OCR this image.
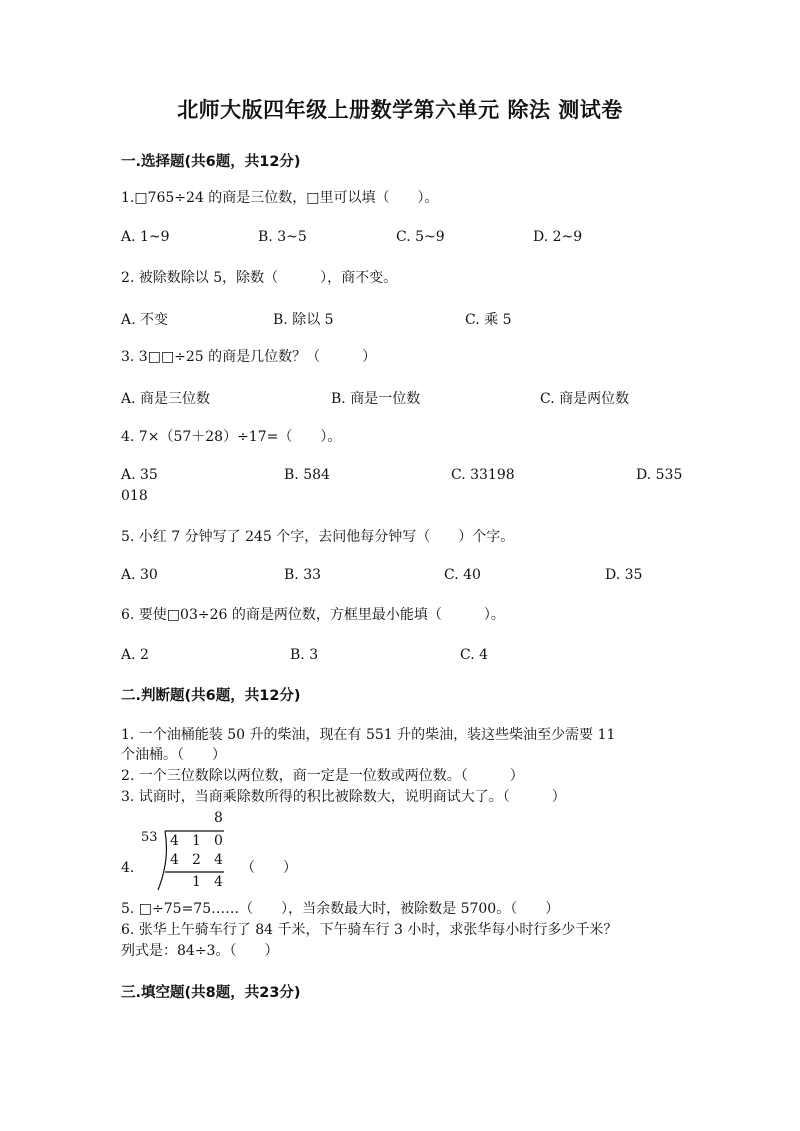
北师大版四年级上册数学第六单元 除法 测试卷
一.选择题(共6题，共12分)
1.□765÷24 的商是三位数，□里可以填（　　）。
A. 1~9	B. 3~5	C. 5~9	D. 2~9
2. 被除数除以 5，除数（　　　），商不变。
A. 不变	B. 除以 5	C. 乘 5
3. 3□□÷25 的商是几位数？（　　　）
A. 商是三位数	B. 商是一位数	C. 商是两位数
4. 7×（57＋28）÷17=（　　）。
A. 35	B. 584	C. 33198	D. 535
018
5. 小红 7 分钟写了 245 个字，去问他每分钟写（　　）个字。
A. 30	B. 33	C. 40	D. 35
6. 要使□03÷26 的商是两位数，方框里最小能填（　　　）。
A. 2	B. 3	C. 4
二.判断题(共6题，共12分)
1. 一个油桶能装 50 升的柴油，现在有 551 升的柴油，装这些柴油至少需要 11
个油桶。（　　）
2. 一个三位数除以两位数，商一定是一位数或两位数。（　　　）
3. 试商时，当商乘除数所得的积比被除数大，说明商试大了。（　　　）
4.
8
53 4 1 0
4 2 4
1 4
（　　）
5. □÷75=75……（　　），当余数最大时，被除数是 5700。（　　）
6. 张华上午骑车行了 84 千米，下午骑车行 3 小时，求张华每小时行多少千米？
列式是：84÷3。（　　）
三.填空题(共8题，共23分)
